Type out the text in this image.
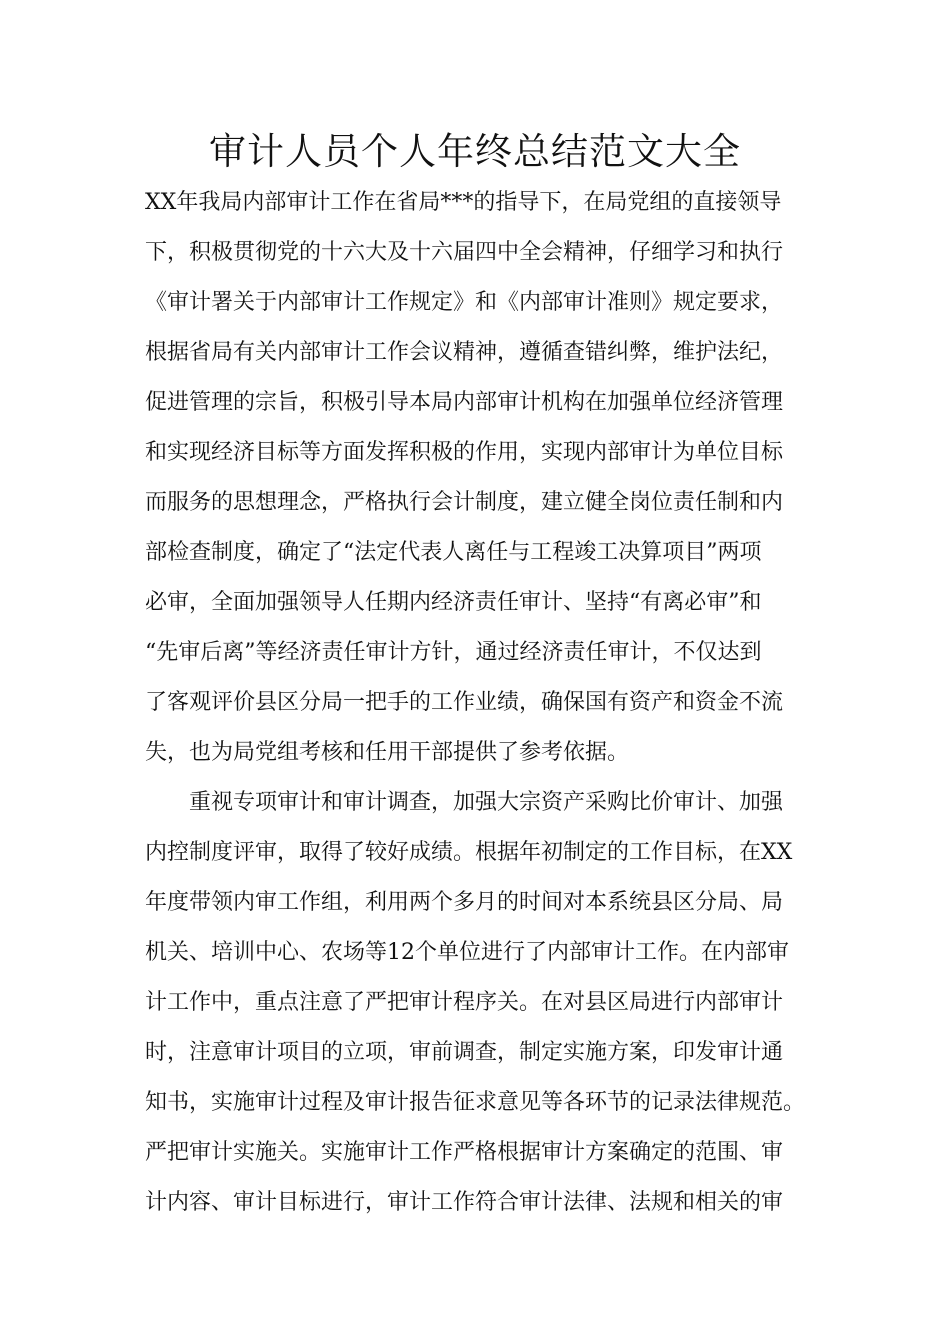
审计人员个人年终总结范文大全
XX年我局内部审计工作在省局***的指导下，在局党组的直接领导
下，积极贯彻党的十六大及十六届四中全会精神，仔细学习和执行
《审计署关于内部审计工作规定》和《内部审计准则》规定要求，
根据省局有关内部审计工作会议精神，遵循查错纠弊，维护法纪，
促进管理的宗旨，积极引导本局内部审计机构在加强单位经济管理
和实现经济目标等方面发挥积极的作用，实现内部审计为单位目标
而服务的思想理念，严格执行会计制度，建立健全岗位责任制和内
部检查制度，确定了“法定代表人离任与工程竣工决算项目”两项
必审，全面加强领导人任期内经济责任审计、坚持“有离必审”和
“先审后离”等经济责任审计方针，通过经济责任审计，不仅达到
了客观评价县区分局一把手的工作业绩，确保国有资产和资金不流
失，也为局党组考核和任用干部提供了参考依据。
重视专项审计和审计调查，加强大宗资产采购比价审计、加强
内控制度评审，取得了较好成绩。根据年初制定的工作目标，在XX
年度带领内审工作组，利用两个多月的时间对本系统县区分局、局
机关、培训中心、农场等12个单位进行了内部审计工作。在内部审
计工作中，重点注意了严把审计程序关。在对县区局进行内部审计
时，注意审计项目的立项，审前调查，制定实施方案，印发审计通
知书，实施审计过程及审计报告征求意见等各环节的记录法律规范。
严把审计实施关。实施审计工作严格根据审计方案确定的范围、审
计内容、审计目标进行，审计工作符合审计法律、法规和相关的审
